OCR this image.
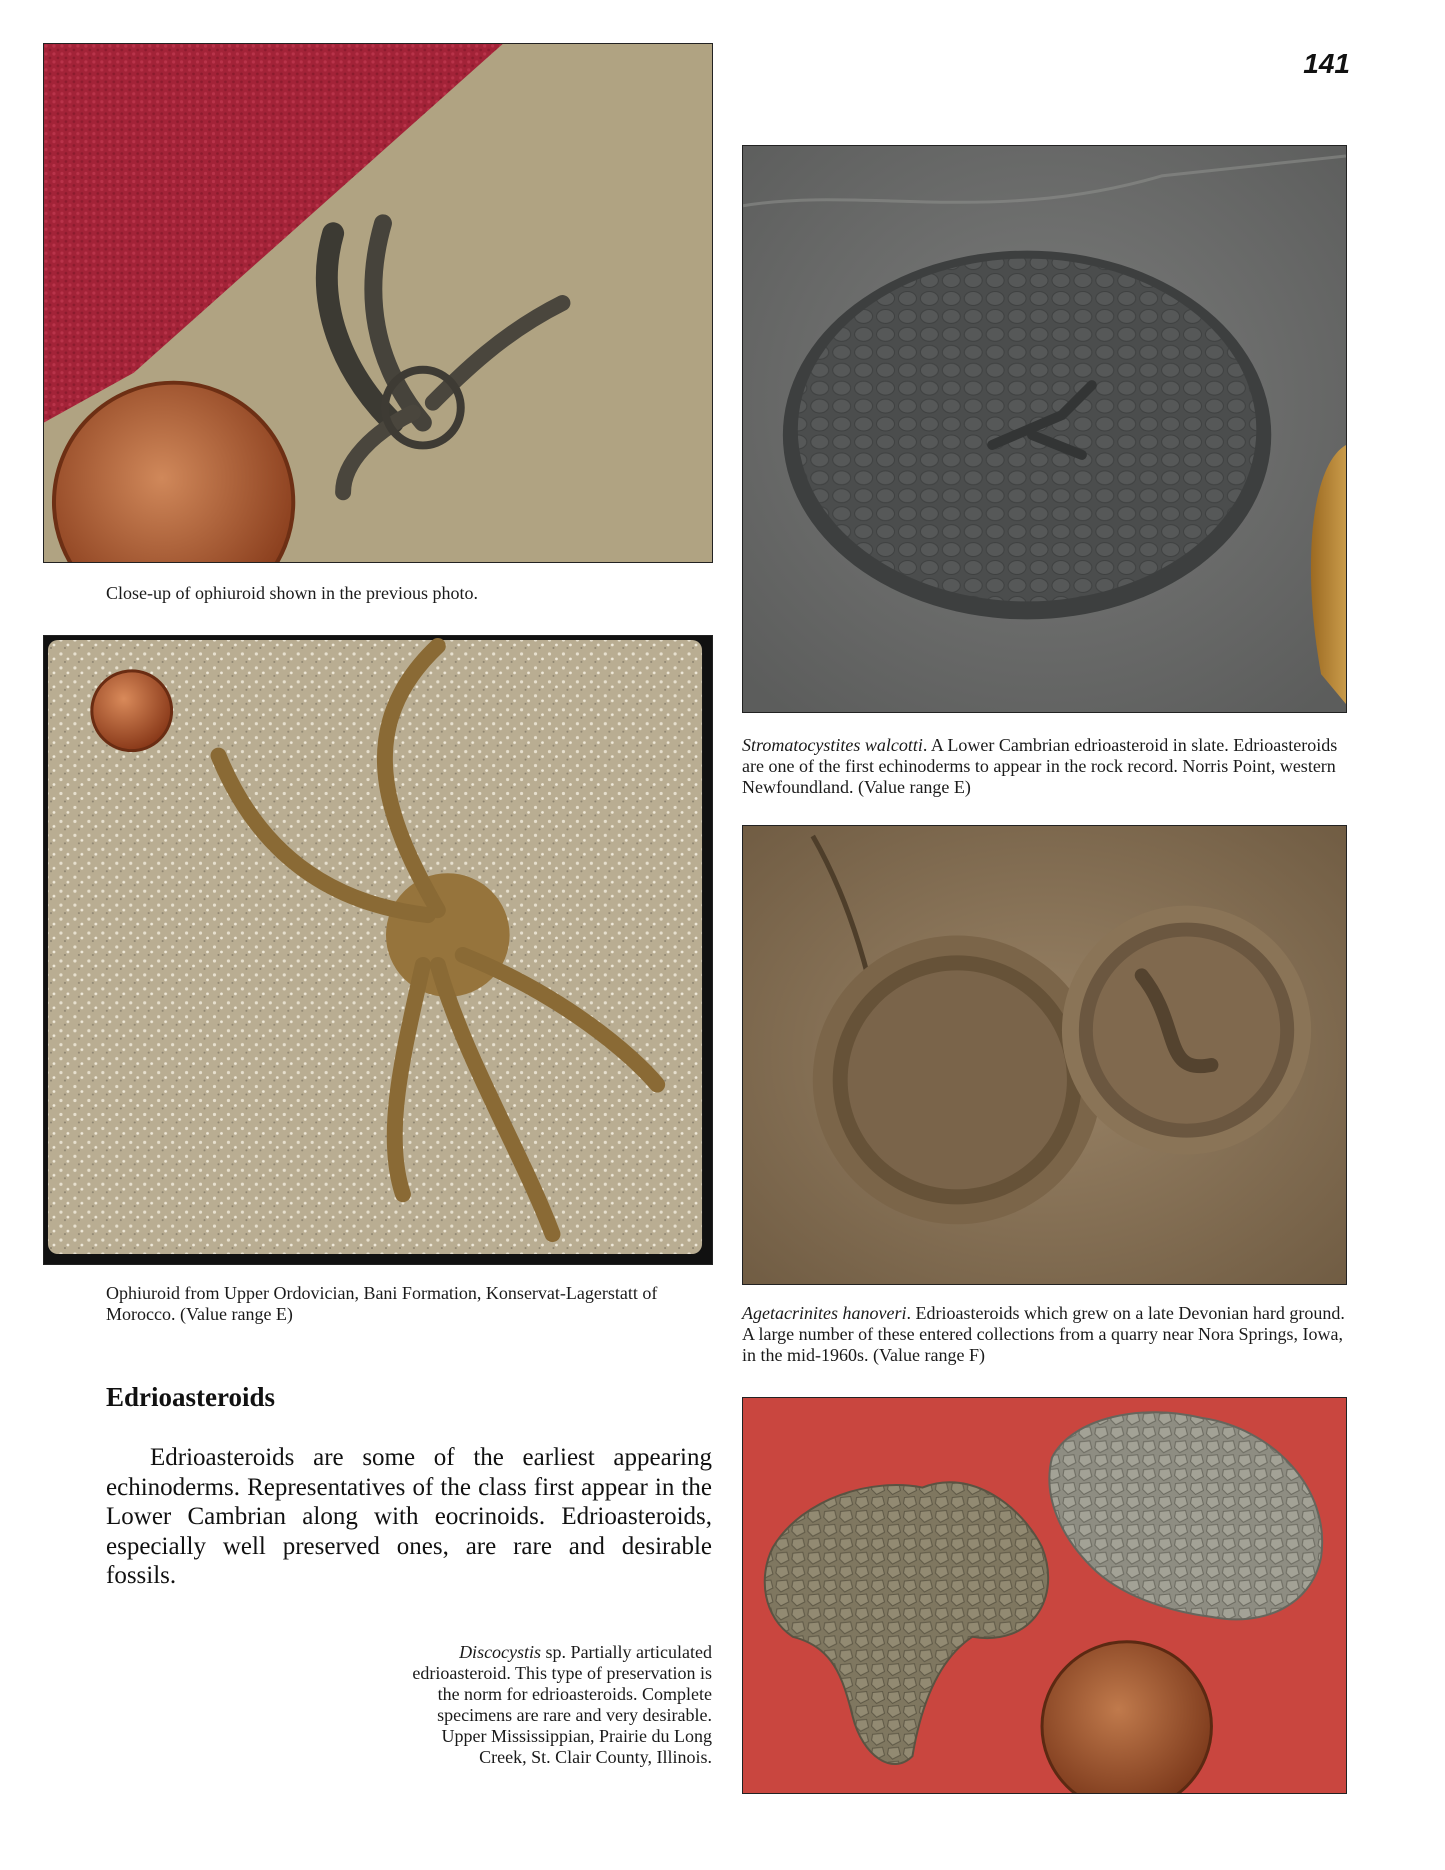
141
Close-up of ophiuroid shown in the previous photo.
Ophiuroid from Upper Ordovician, Bani Formation, Konservat-Lagerstatt of Morocco. (Value range E)
Stromatocystites walcotti. A Lower Cambrian edrioasteroid in slate. Edrioasteroids are one of the first echinoderms to appear in the rock record. Norris Point, western Newfoundland. (Value range E)
Agetacrinites hanoveri. Edrioasteroids which grew on a late Devonian hard ground. A large number of these entered collections from a quarry near Nora Springs, Iowa, in the mid-1960s. (Value range F)
Edrioasteroids
Edrioasteroids are some of the earliest appearing echinoderms. Representatives of the class first appear in the Lower Cambrian along with eocrinoids. Edrioasteroids, especially well preserved ones, are rare and desirable fossils.
Discocystis sp. Partially articulated edrioasteroid. This type of preservation is the norm for edrioasteroids. Complete specimens are rare and very desirable. Upper Mississippian, Prairie du Long Creek, St. Clair County, Illinois.
